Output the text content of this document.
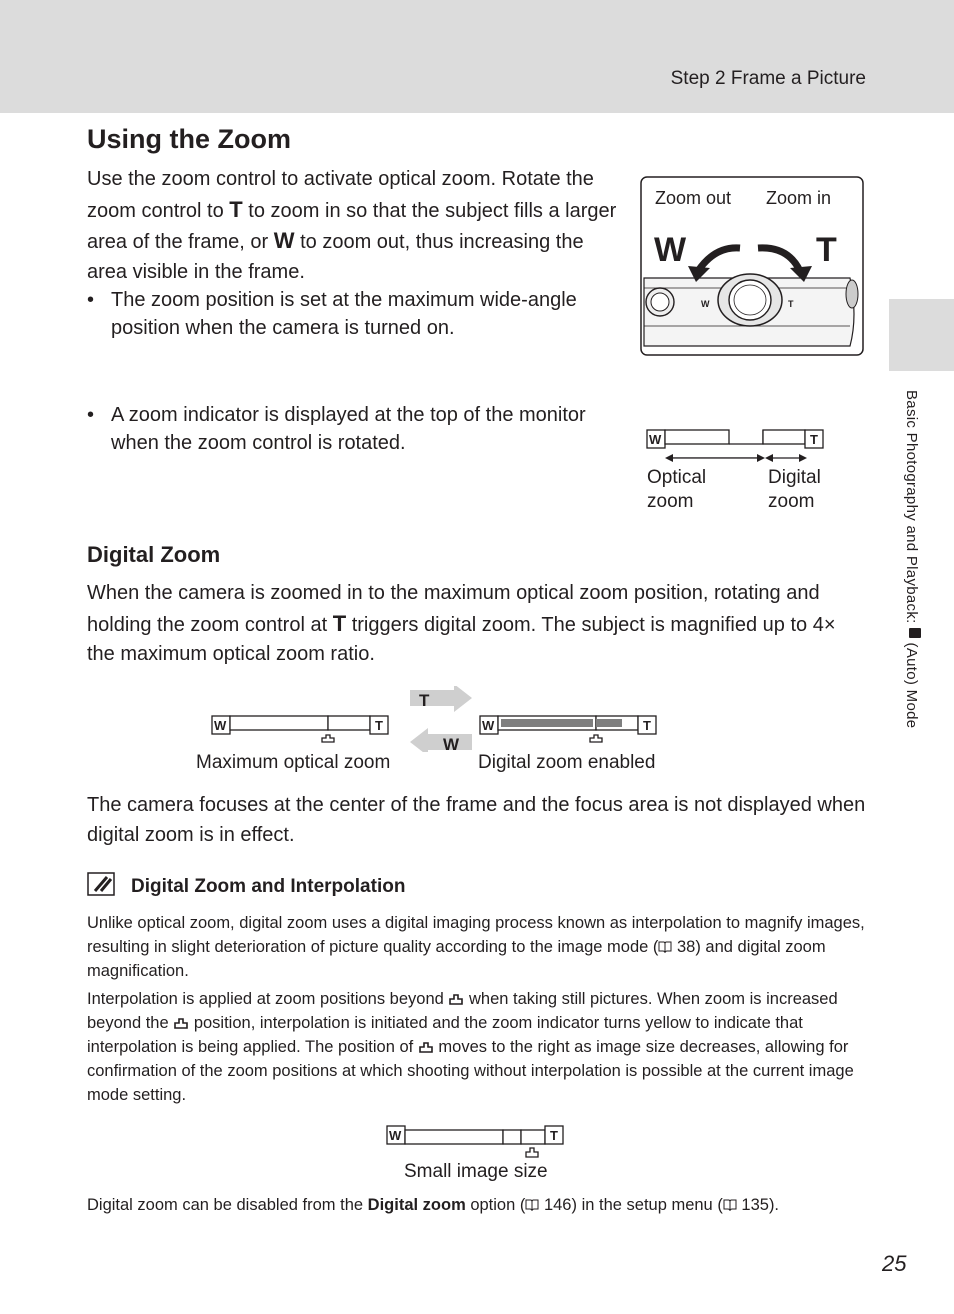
Step 2 Frame a Picture
Basic Photography and Playback:  (Auto) Mode
Using the Zoom
Use the zoom control to activate optical zoom. Rotate the zoom control to T to zoom in so that the subject fills a larger area of the frame, or W to zoom out, thus increasing the area visible in the frame.
• The zoom position is set at the maximum wide-angle position when the camera is turned on.
• A zoom indicator is displayed at the top of the monitor when the zoom control is rotated.
W	T
W	T
Zoom out Zoom in
W	T
Optical
zoom
Digital
zoom
Digital Zoom
When the camera is zoomed in to the maximum optical zoom position, rotating and holding the zoom control at T triggers digital zoom. The subject is magnified up to 4× the maximum optical zoom ratio.
W	T
T
W
W	T
Maximum optical zoom	Digital zoom enabled
The camera focuses at the center of the frame and the focus area is not displayed when digital zoom is in effect.
Digital Zoom and Interpolation
Unlike optical zoom, digital zoom uses a digital imaging process known as interpolation to magnify images, resulting in slight deterioration of picture quality according to the image mode ( 38) and digital zoom magnification.
Interpolation is applied at zoom positions beyond  when taking still pictures. When zoom is increased beyond the  position, interpolation is initiated and the zoom indicator turns yellow to indicate that interpolation is being applied. The position of  moves to the right as image size decreases, allowing for confirmation of the zoom positions at which shooting without interpolation is possible at the current image mode setting.
W	T
Small image size
Digital zoom can be disabled from the Digital zoom option ( 146) in the setup menu ( 135).
25
